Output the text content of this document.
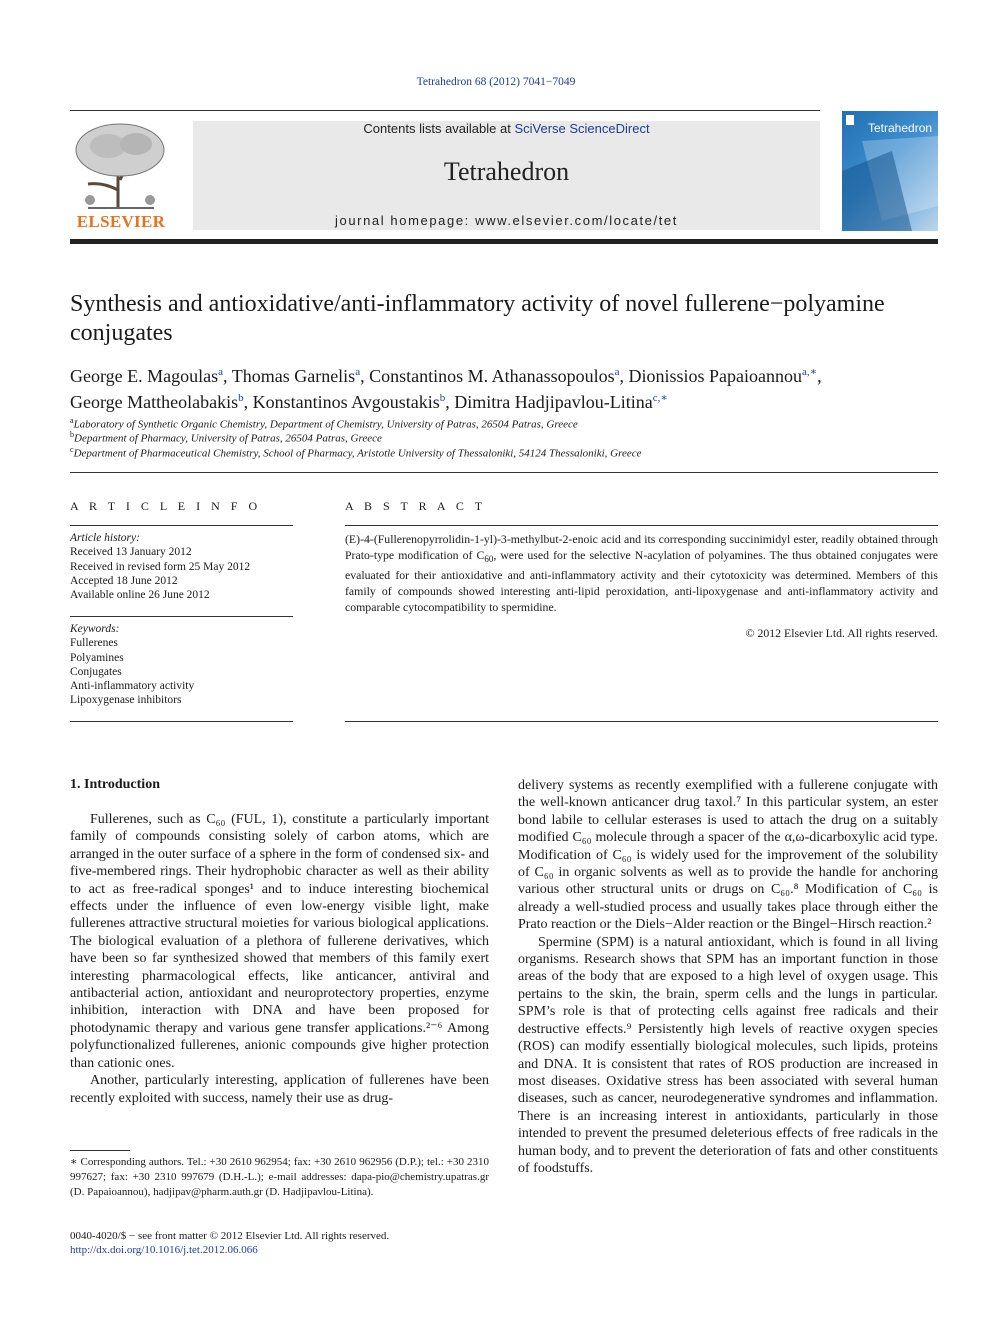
Tetrahedron 68 (2012) 7041−7049
ELSEVIER
Contents lists available at SciVerse ScienceDirect
Tetrahedron
journal homepage: www.elsevier.com/locate/tet
Tetrahedron
Synthesis and antioxidative/anti-inflammatory activity of novel fullerene−polyamine conjugates
George E. Magoulas$^a$, Thomas Garnelis$^a$, Constantinos M. Athanassopoulos$^a$, Dionissios Papaioannou$^{a,∗}$,
George Mattheolabakis$^b$, Konstantinos Avgoustakis$^b$, Dimitra Hadjipavlou-Litina$^{c,∗}$
$^a$Laboratory of Synthetic Organic Chemistry, Department of Chemistry, University of Patras, 26504 Patras, Greece
$^b$Department of Pharmacy, University of Patras, 26504 Patras, Greece
$^c$Department of Pharmaceutical Chemistry, School of Pharmacy, Aristotle University of Thessaloniki, 54124 Thessaloniki, Greece
A R T I C L E I N F O	A B S T R A C T
Article history:
Received 13 January 2012
Received in revised form 25 May 2012
Accepted 18 June 2012
Available online 26 June 2012
Keywords:
Fullerenes
Polyamines
Conjugates
Anti-inflammatory activity
Lipoxygenase inhibitors
(E)-4-(Fullerenopyrrolidin-1-yl)-3-methylbut-2-enoic acid and its corresponding succinimidyl ester, readily obtained through Prato-type modification of $C_{60}$, were used for the selective N-acylation of polyamines. The thus obtained conjugates were evaluated for their antioxidative and anti-inflammatory activity and their cytotoxicity was determined. Members of this family of compounds showed interesting anti-lipid peroxidation, anti-lipoxygenase and anti-inflammatory activity and comparable cytocompatibility to spermidine.
© 2012 Elsevier Ltd. All rights reserved.
1. Introduction

Fullerenes, such as C₆₀ (FUL, 1), constitute a particularly important family of compounds consisting solely of carbon atoms, which are arranged in the outer surface of a sphere in the form of condensed six- and five-membered rings. Their hydrophobic character as well as their ability to act as free-radical sponges¹ and to induce interesting biochemical effects under the influence of even low-energy visible light, make fullerenes attractive structural moieties for various biological applications. The biological evaluation of a plethora of fullerene derivatives, which have been so far synthesized showed that members of this family exert interesting pharmacological effects, like anticancer, antiviral and antibacterial action, antioxidant and neuroprotectory properties, enzyme inhibition, interaction with DNA and have been proposed for photodynamic therapy and various gene transfer applications.²⁻⁶ Among polyfunctionalized fullerenes, anionic compounds give higher protection than cationic ones.

Another, particularly interesting, application of fullerenes have been recently exploited with success, namely their use as drug-

delivery systems as recently exemplified with a fullerene conjugate with the well-known anticancer drug taxol.⁷ In this particular system, an ester bond labile to cellular esterases is used to attach the drug on a suitably modified C₆₀ molecule through a spacer of the α,ω-dicarboxylic acid type. Modification of C₆₀ is widely used for the improvement of the solubility of C₆₀ in organic solvents as well as to provide the handle for anchoring various other structural units or drugs on C₆₀.⁸ Modification of C₆₀ is already a well-studied process and usually takes place through either the Prato reaction or the Diels−Alder reaction or the Bingel−Hirsch reaction.²

Spermine (SPM) is a natural antioxidant, which is found in all living organisms. Research shows that SPM has an important function in those areas of the body that are exposed to a high level of oxygen usage. This pertains to the skin, the brain, sperm cells and the lungs in particular. SPM’s role is that of protecting cells against free radicals and their destructive effects.⁹ Persistently high levels of reactive oxygen species (ROS) can modify essentially biological molecules, such lipids, proteins and DNA. It is consistent that rates of ROS production are increased in most diseases. Oxidative stress has been associated with several human diseases, such as cancer, neurodegenerative syndromes and inflammation. There is an increasing interest in antioxidants, particularly in those intended to prevent the presumed deleterious effects of free radicals in the human body, and to prevent the deterioration of fats and other constituents of foodstuffs.

∗ Corresponding authors. Tel.: +30 2610 962954; fax: +30 2610 962956 (D.P.); tel.: +30 2310 997627; fax: +30 2310 997679 (D.H.-L.); e-mail addresses: dapa-pio@chemistry.upatras.gr (D. Papaioannou), hadjipav@pharm.auth.gr (D. Hadjipavlou-Litina).
0040-4020/$ − see front matter © 2012 Elsevier Ltd. All rights reserved.
http://dx.doi.org/10.1016/j.tet.2012.06.066
